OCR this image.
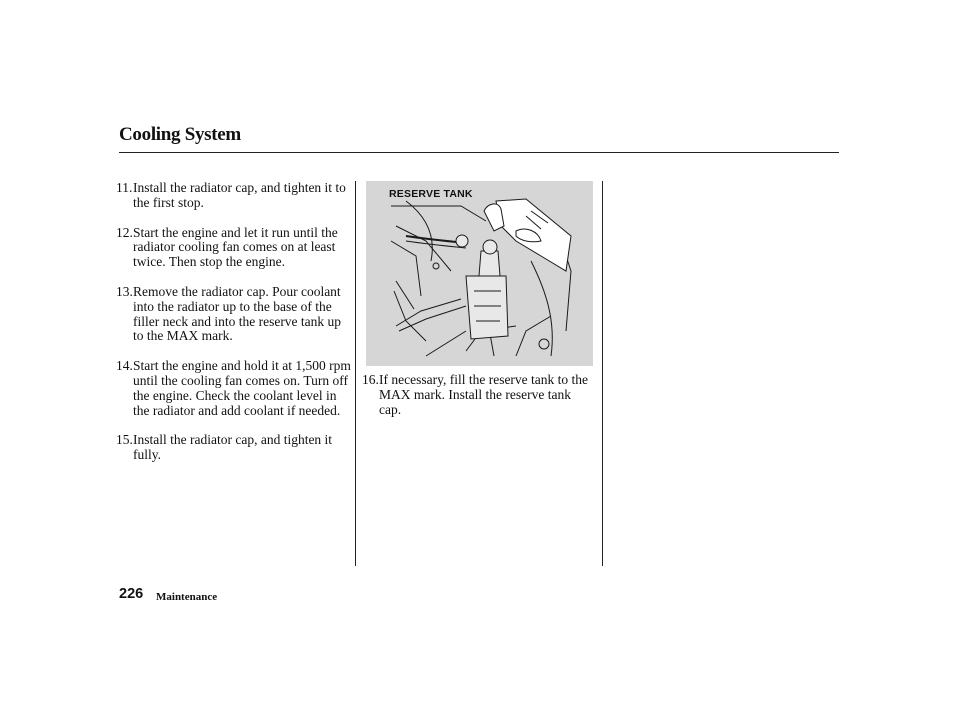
Cooling System
11. Install the radiator cap, and tighten it to the first stop.
12. Start the engine and let it run until the radiator cooling fan comes on at least twice. Then stop the engine.
13. Remove the radiator cap. Pour coolant into the radiator up to the base of the filler neck and into the reserve tank up to the MAX mark.
14. Start the engine and hold it at 1,500 rpm until the cooling fan comes on. Turn off the engine. Check the coolant level in the radiator and add coolant if needed.
15. Install the radiator cap, and tighten it fully.
RESERVE TANK
16. If necessary, fill the reserve tank to the MAX mark. Install the reserve tank cap.
226 Maintenance
